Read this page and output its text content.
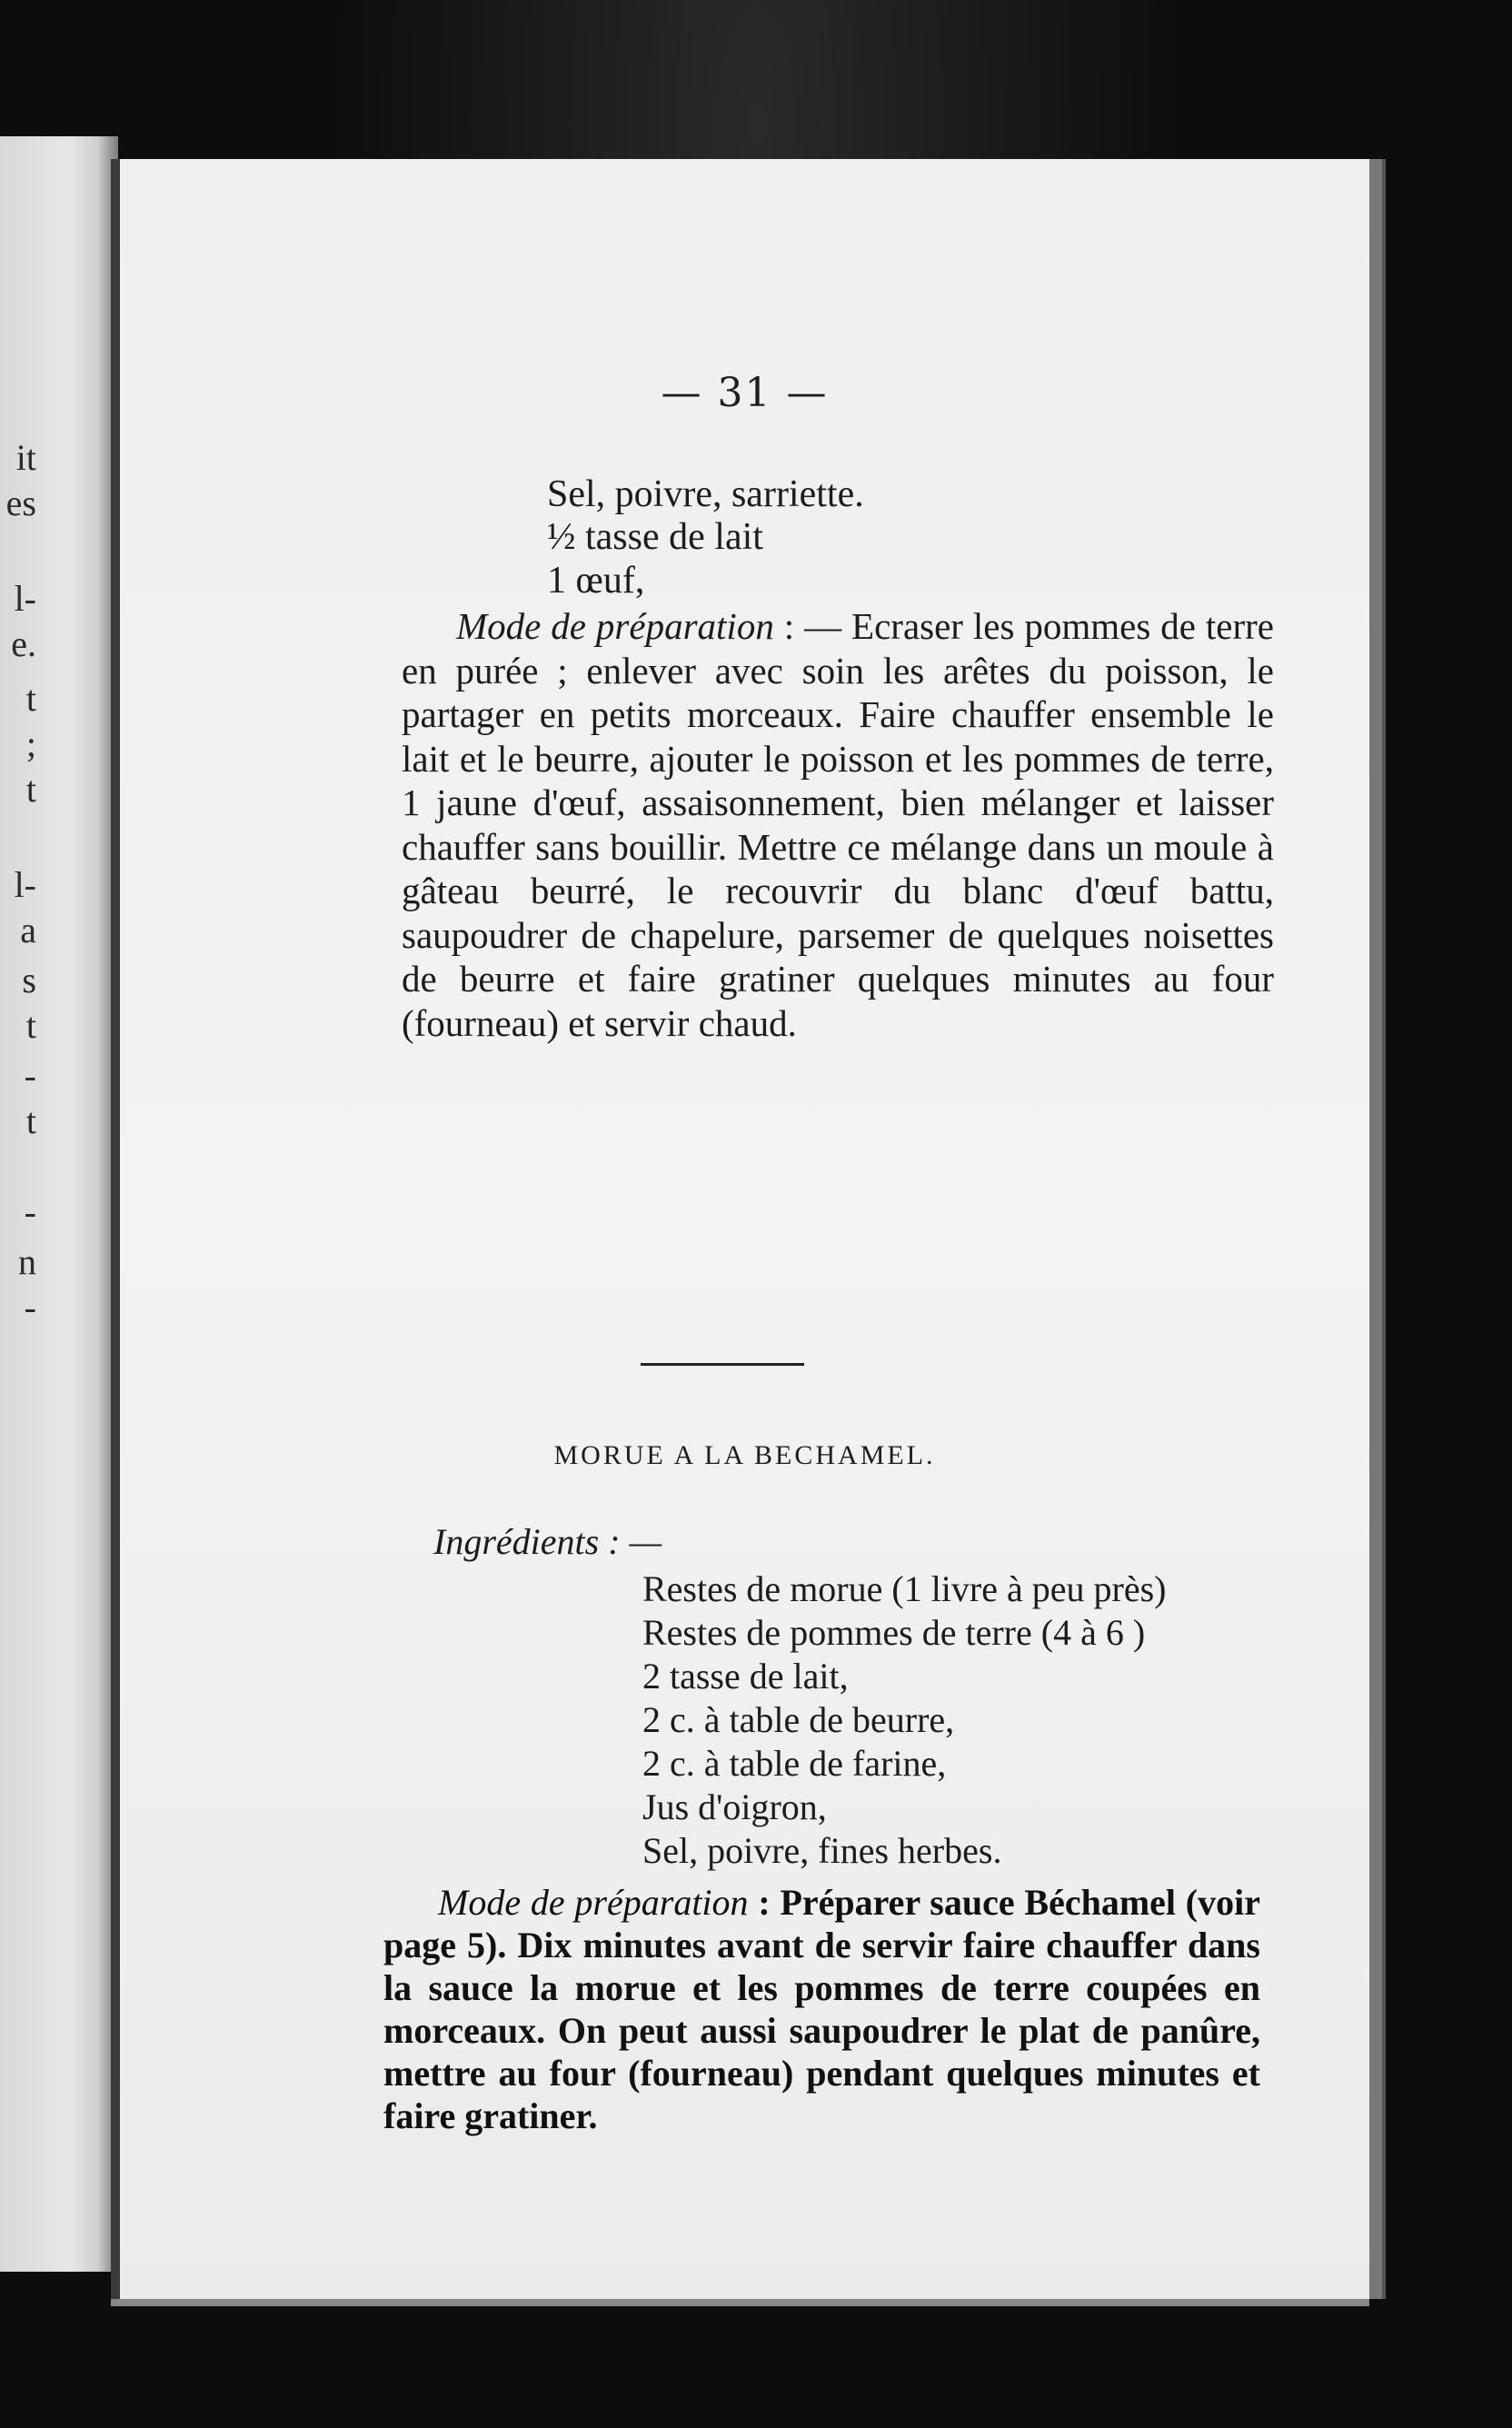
it
es
l-
e.
t
;
t
l-
a
s
t
-
t
-
n
-
— 31 —
Sel, poivre, sarriette.
½ tasse de lait
1 œuf,
Mode de préparation : — Ecraser les pommes de terre en purée ; enlever avec soin les arêtes du poisson, le partager en petits morceaux. Faire chauffer ensemble le lait et le beurre, ajouter le poisson et les pommes de terre, 1 jaune d'œuf, assaisonnement, bien mélanger et laisser chauffer sans bouillir. Mettre ce mélange dans un moule à gâteau beurré, le recouvrir du blanc d'œuf battu, saupoudrer de chapelure, parsemer de quelques noisettes de beurre et faire gratiner quelques minutes au four (fourneau) et servir chaud.
MORUE A LA BECHAMEL.
Ingrédients : —
Restes de morue (1 livre à peu près)
Restes de pommes de terre (4 à 6 )
2 tasse de lait,
2 c. à table de beurre,
2 c. à table de farine,
Jus d'oigron,
Sel, poivre, fines herbes.
Mode de préparation : Préparer sauce Béchamel (voir page 5). Dix minutes avant de servir faire chauffer dans la sauce la morue et les pommes de terre coupées en morceaux. On peut aussi saupoudrer le plat de panûre, mettre au four (fourneau) pendant quelques minutes et faire gratiner.
